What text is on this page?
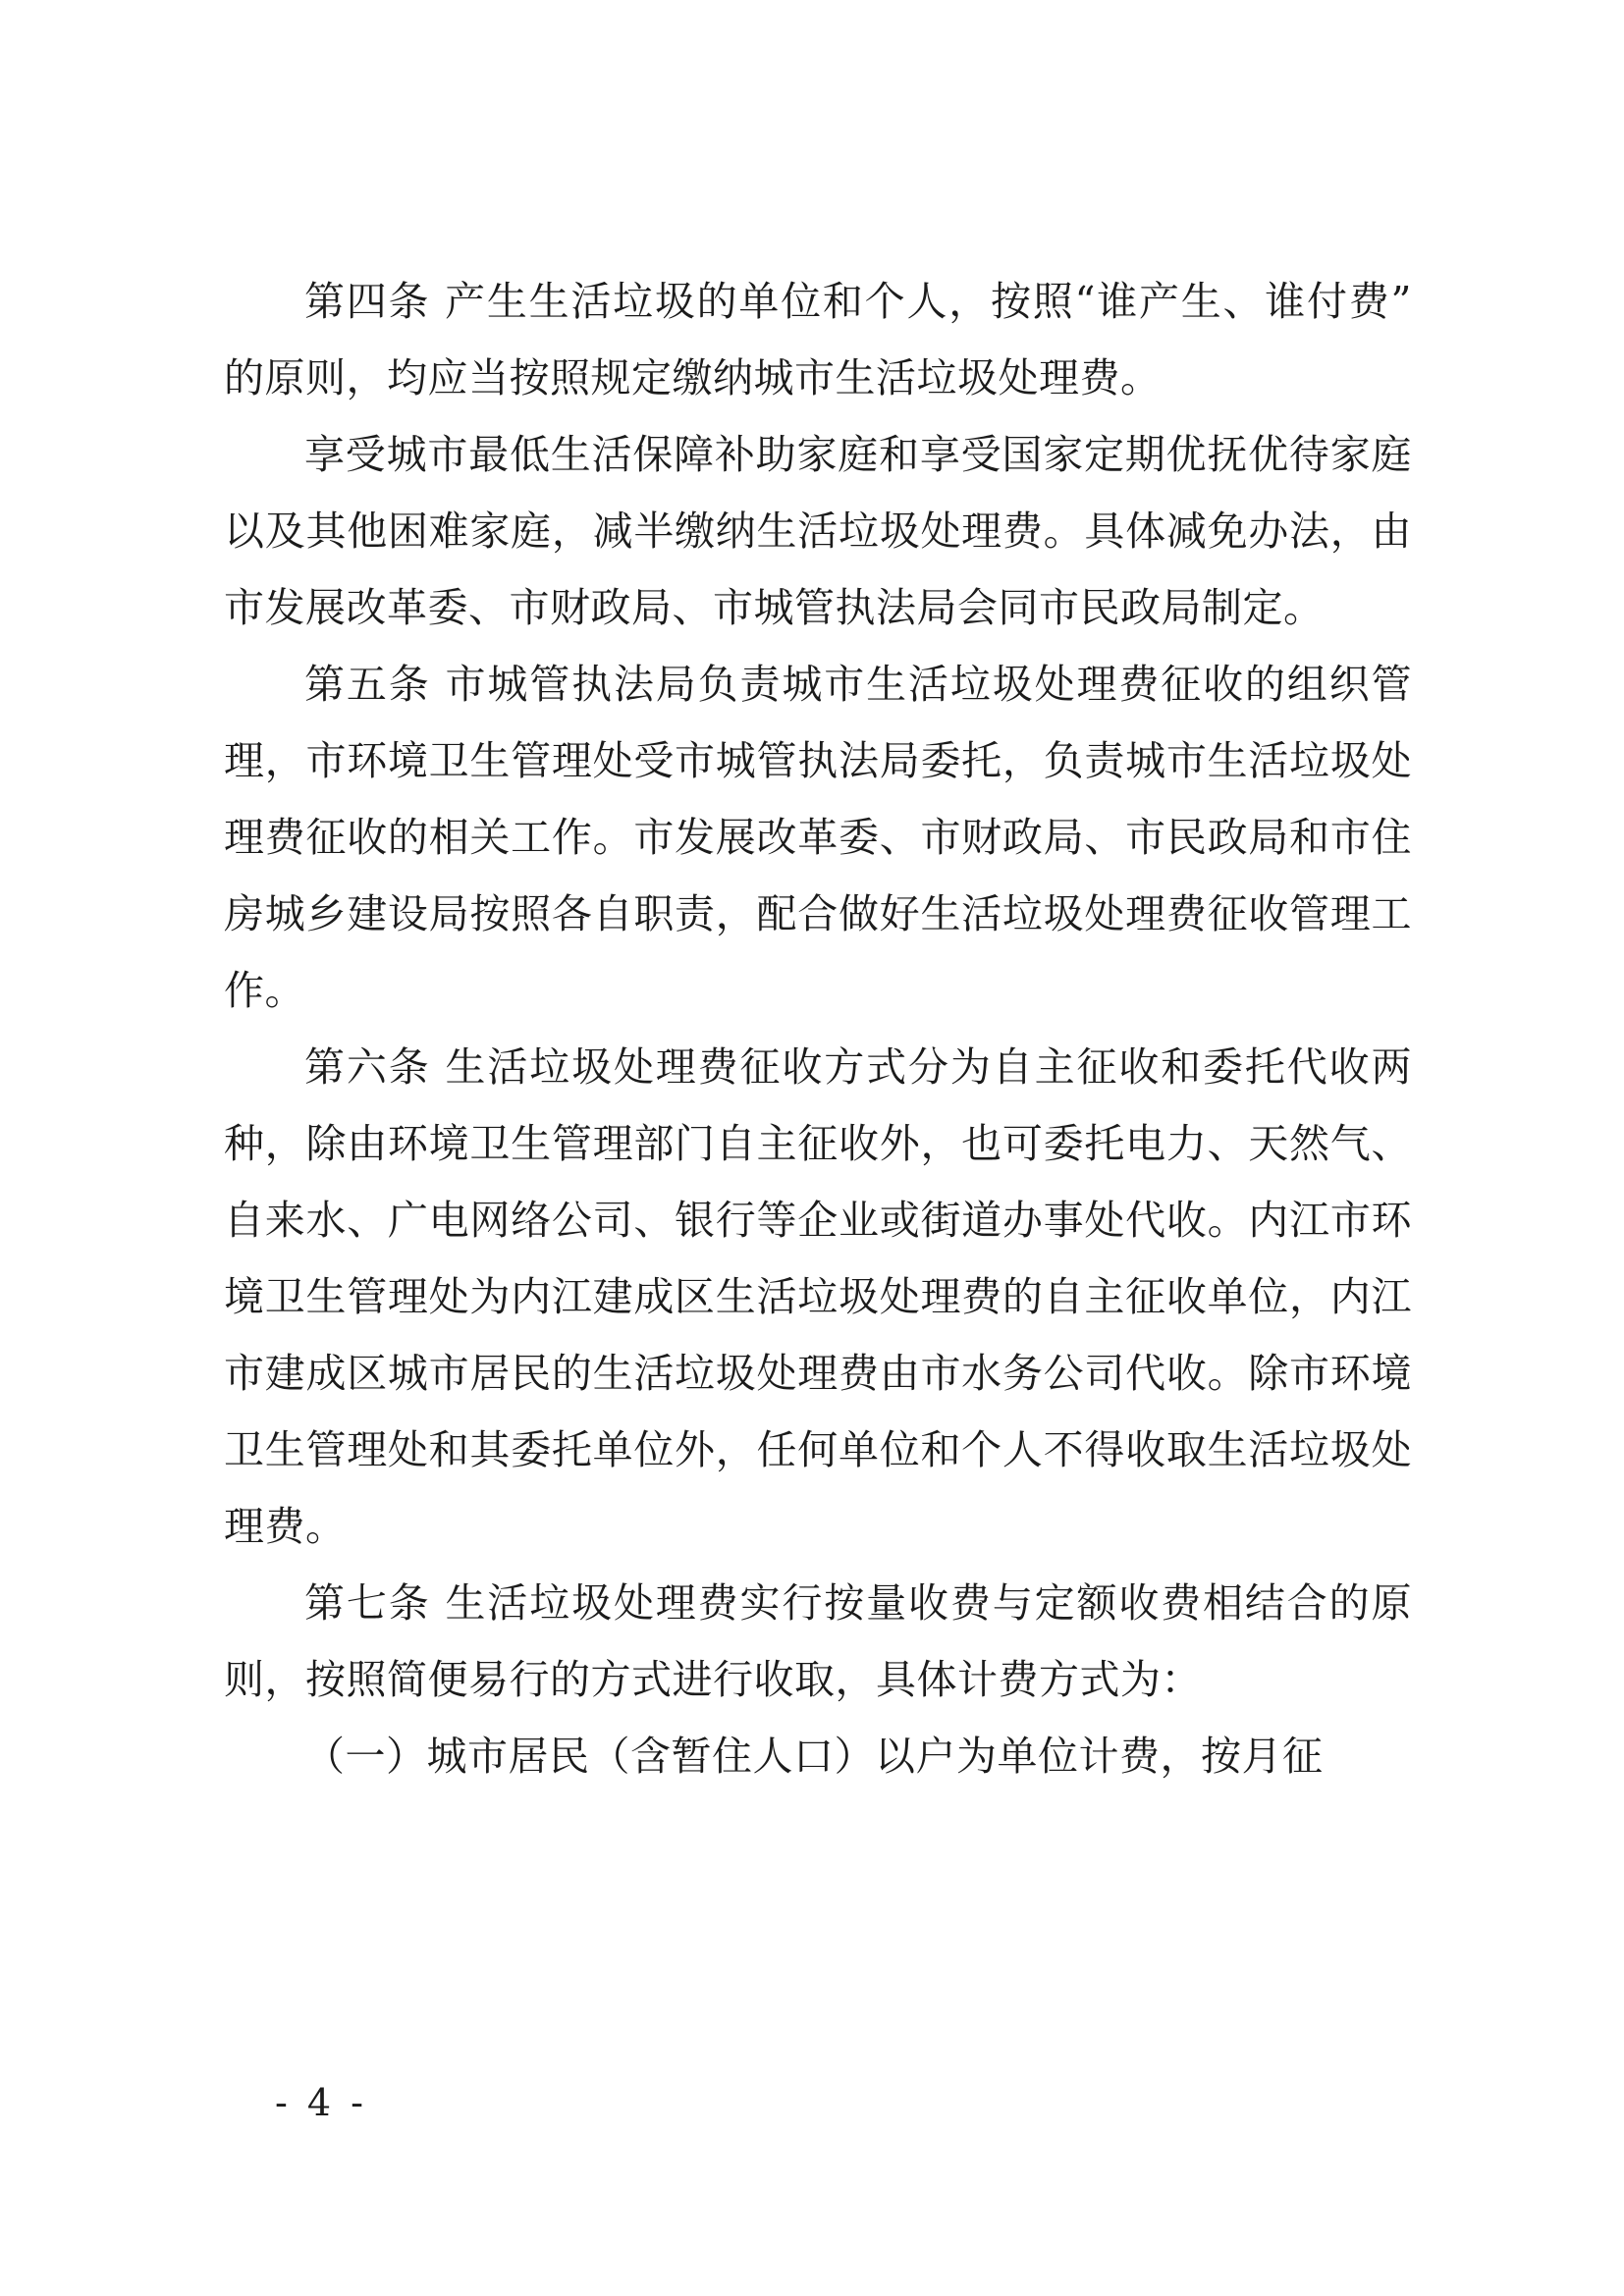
第四条 产生生活垃圾的单位和个人，按照“谁产生、谁付费”的原则，均应当按照规定缴纳城市生活垃圾处理费。

享受城市最低生活保障补助家庭和享受国家定期优抚优待家庭以及其他困难家庭，减半缴纳生活垃圾处理费。具体减免办法，由市发展改革委、市财政局、市城管执法局会同市民政局制定。

第五条 市城管执法局负责城市生活垃圾处理费征收的组织管理，市环境卫生管理处受市城管执法局委托，负责城市生活垃圾处理费征收的相关工作。市发展改革委、市财政局、市民政局和市住房城乡建设局按照各自职责，配合做好生活垃圾处理费征收管理工作。

第六条 生活垃圾处理费征收方式分为自主征收和委托代收两种，除由环境卫生管理部门自主征收外，也可委托电力、天然气、自来水、广电网络公司、银行等企业或街道办事处代收。内江市环境卫生管理处为内江建成区生活垃圾处理费的自主征收单位，内江市建成区城市居民的生活垃圾处理费由市水务公司代收。除市环境卫生管理处和其委托单位外，任何单位和个人不得收取生活垃圾处理费。

第七条 生活垃圾处理费实行按量收费与定额收费相结合的原则，按照简便易行的方式进行收取，具体计费方式为：

（一）城市居民（含暂住人口）以户为单位计费，按月征

- 4 -
